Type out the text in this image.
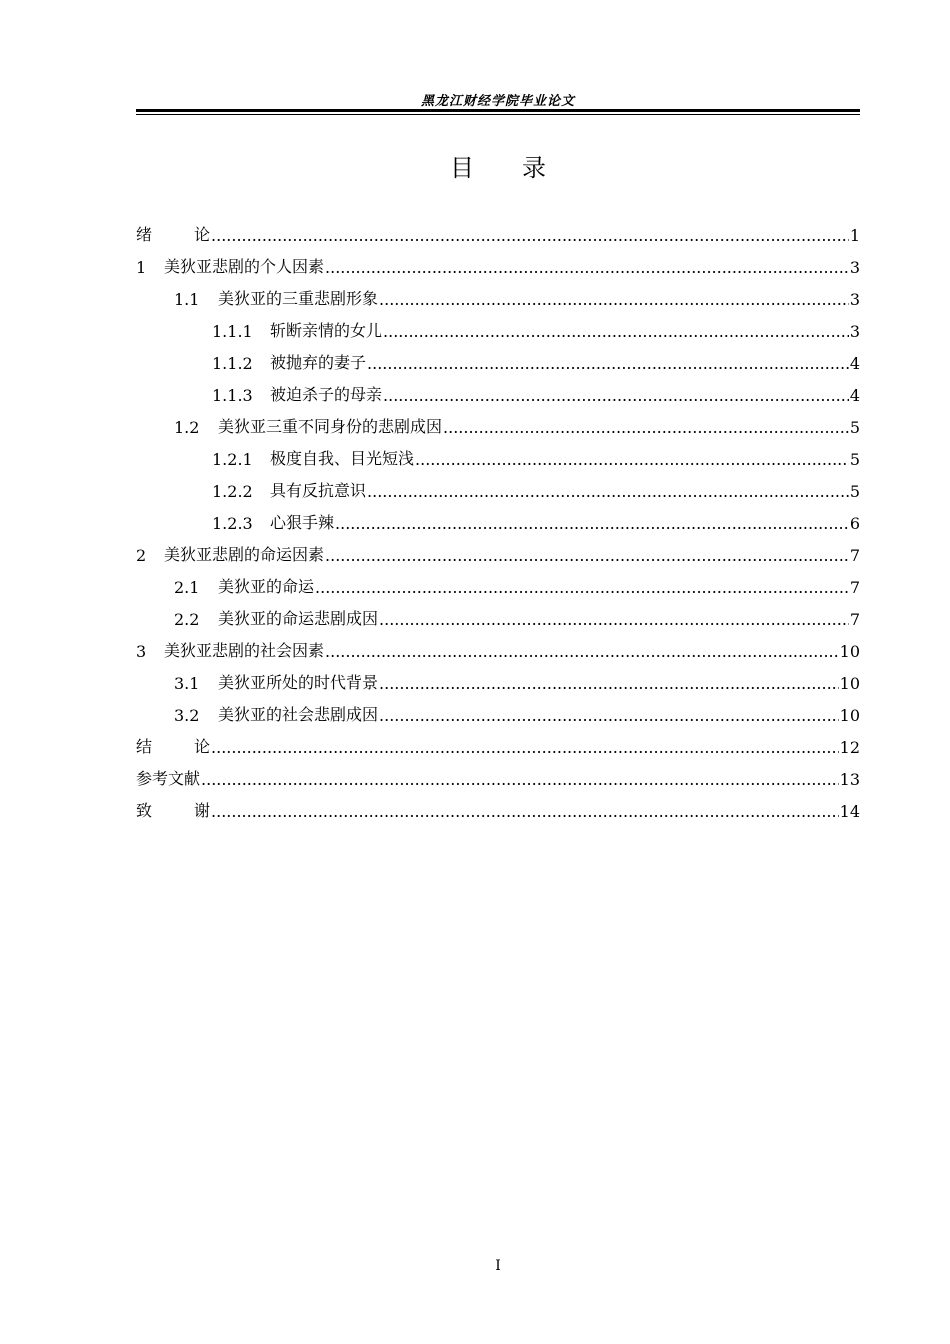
黑龙江财经学院毕业论文
目 录
绪	论 .....	1
1	美狄亚悲剧的个人因素 .....	3
1.1	美狄亚的三重悲剧形象 .....	3
1.1.1	斩断亲情的女儿 .....	3
1.1.2	被抛弃的妻子 .....	4
1.1.3	被迫杀子的母亲 .....	4
1.2	美狄亚三重不同身份的悲剧成因 .....	5
1.2.1	极度自我、目光短浅 .....	5
1.2.2	具有反抗意识 .....	5
1.2.3	心狠手辣 .....	6
2	美狄亚悲剧的命运因素 .....	7
2.1	美狄亚的命运 .....	7
2.2	美狄亚的命运悲剧成因 .....	7
3	美狄亚悲剧的社会因素 .....	10
3.1	美狄亚所处的时代背景 .....	10
3.2	美狄亚的社会悲剧成因 .....	10
结	论 .....	12
参考文献 .....	13
致	谢 .....	14
I
